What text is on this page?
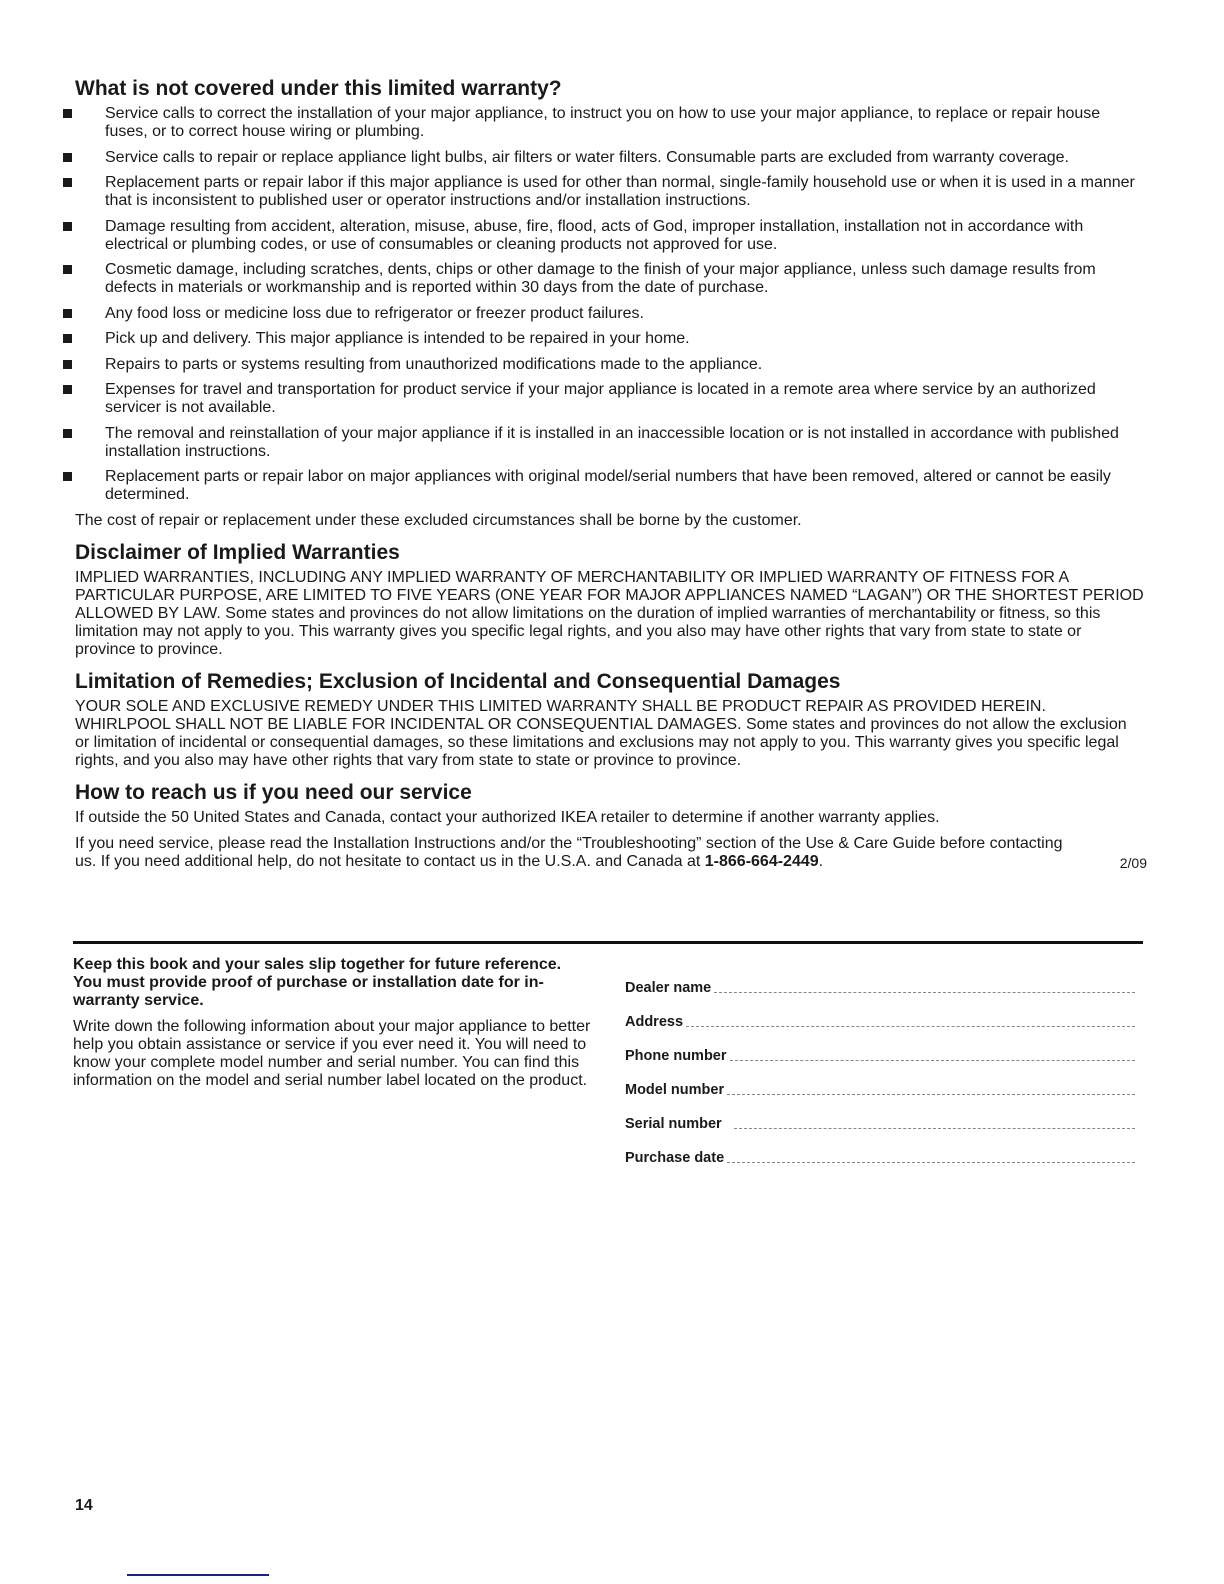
What is not covered under this limited warranty?
Service calls to correct the installation of your major appliance, to instruct you on how to use your major appliance, to replace or repair house fuses, or to correct house wiring or plumbing.
Service calls to repair or replace appliance light bulbs, air filters or water filters. Consumable parts are excluded from warranty coverage.
Replacement parts or repair labor if this major appliance is used for other than normal, single-family household use or when it is used in a manner that is inconsistent to published user or operator instructions and/or installation instructions.
Damage resulting from accident, alteration, misuse, abuse, fire, flood, acts of God, improper installation, installation not in accordance with electrical or plumbing codes, or use of consumables or cleaning products not approved for use.
Cosmetic damage, including scratches, dents, chips or other damage to the finish of your major appliance, unless such damage results from defects in materials or workmanship and is reported within 30 days from the date of purchase.
Any food loss or medicine loss due to refrigerator or freezer product failures.
Pick up and delivery. This major appliance is intended to be repaired in your home.
Repairs to parts or systems resulting from unauthorized modifications made to the appliance.
Expenses for travel and transportation for product service if your major appliance is located in a remote area where service by an authorized servicer is not available.
The removal and reinstallation of your major appliance if it is installed in an inaccessible location or is not installed in accordance with published installation instructions.
Replacement parts or repair labor on major appliances with original model/serial numbers that have been removed, altered or cannot be easily determined.

The cost of repair or replacement under these excluded circumstances shall be borne by the customer.

Disclaimer of Implied Warranties

IMPLIED WARRANTIES, INCLUDING ANY IMPLIED WARRANTY OF MERCHANTABILITY OR IMPLIED WARRANTY OF FITNESS FOR A PARTICULAR PURPOSE, ARE LIMITED TO FIVE YEARS (ONE YEAR FOR MAJOR APPLIANCES NAMED “LAGAN”) OR THE SHORTEST PERIOD ALLOWED BY LAW. Some states and provinces do not allow limitations on the duration of implied warranties of merchantability or fitness, so this limitation may not apply to you. This warranty gives you specific legal rights, and you also may have other rights that vary from state to state or province to province.

Limitation of Remedies; Exclusion of Incidental and Consequential Damages

YOUR SOLE AND EXCLUSIVE REMEDY UNDER THIS LIMITED WARRANTY SHALL BE PRODUCT REPAIR AS PROVIDED HEREIN. WHIRLPOOL SHALL NOT BE LIABLE FOR INCIDENTAL OR CONSEQUENTIAL DAMAGES. Some states and provinces do not allow the exclusion or limitation of incidental or consequential damages, so these limitations and exclusions may not apply to you. This warranty gives you specific legal rights, and you also may have other rights that vary from state to state or province to province.

How to reach us if you need our service

If outside the 50 United States and Canada, contact your authorized IKEA retailer to determine if another warranty applies.

If you need service, please read the Installation Instructions and/or the “Troubleshooting” section of the Use & Care Guide before contacting us. If you need additional help, do not hesitate to contact us in the U.S.A. and Canada at 1-866-664-2449.	2/09
Keep this book and your sales slip together for future reference. You must provide proof of purchase or installation date for in-warranty service.

Write down the following information about your major appliance to better help you obtain assistance or service if you ever need it. You will need to know your complete model number and serial number. You can find this information on the model and serial number label located on the product.

Dealer name
Address
Phone number
Model number
Serial number
Purchase date
14
